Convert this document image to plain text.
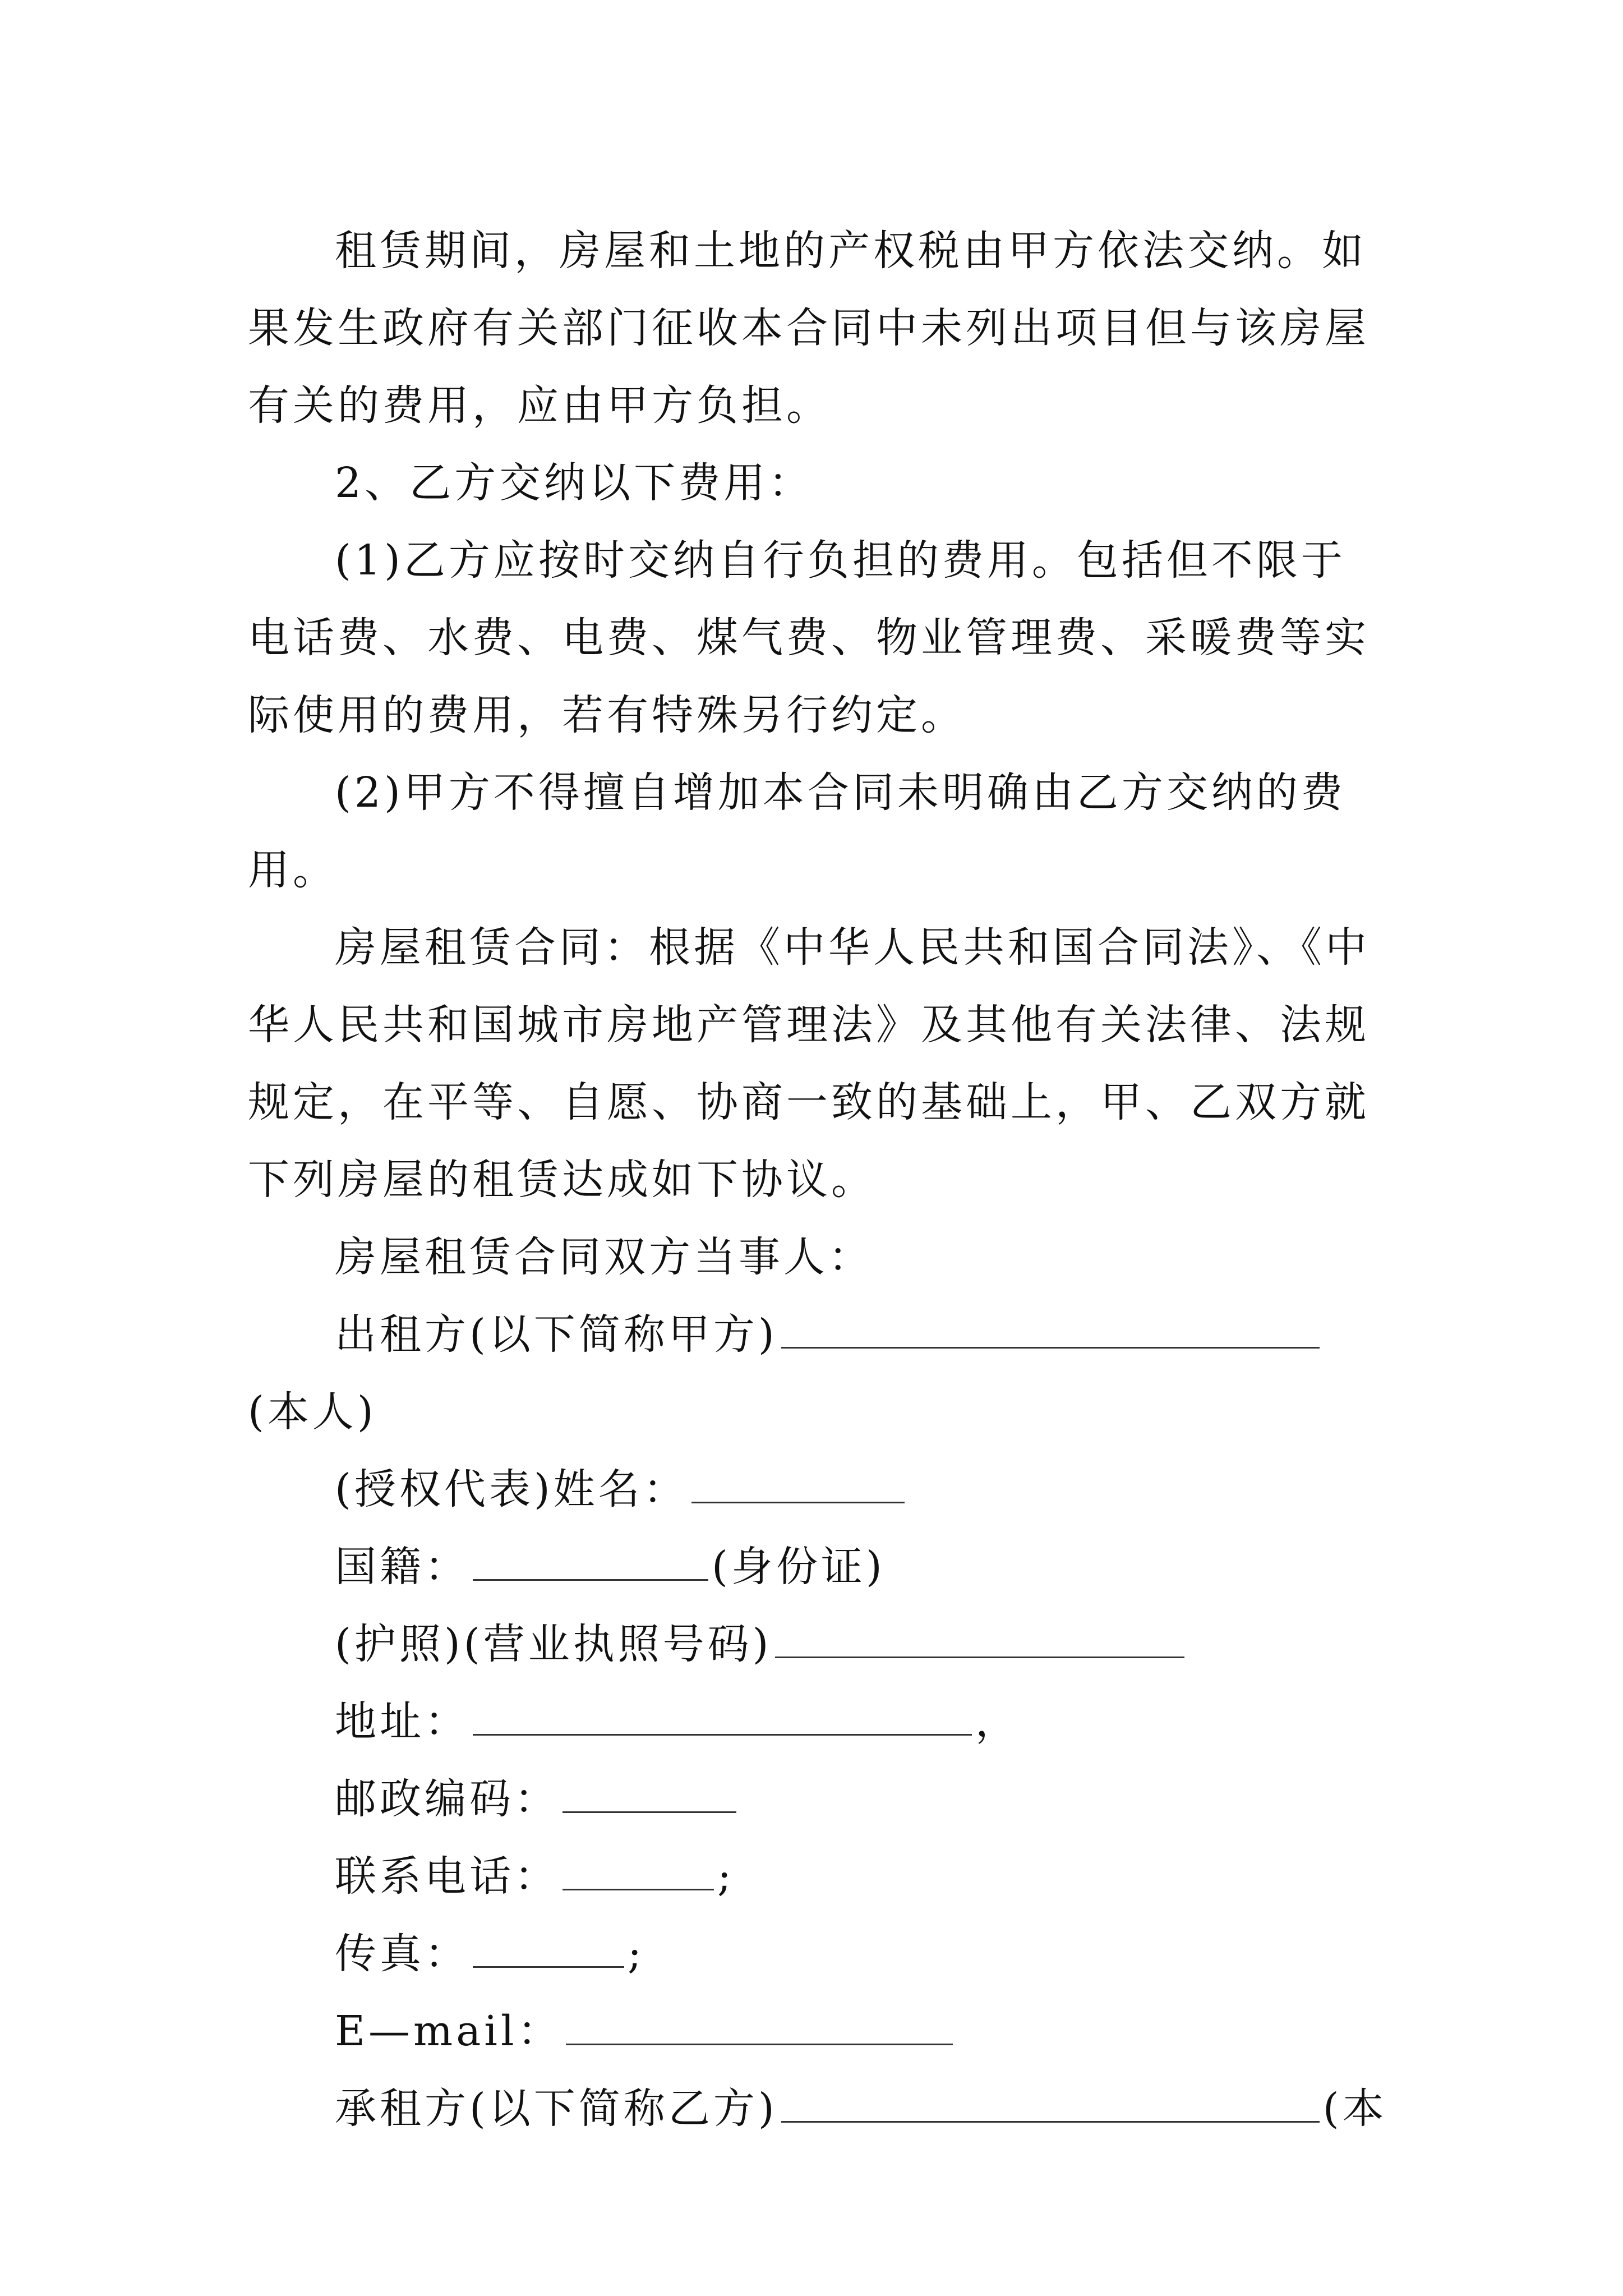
租赁期间，房屋和土地的产权税由甲方依法交纳。如果发生政府有关部门征收本合同中未列出项目但与该房屋有关的费用，应由甲方负担。

2、乙方交纳以下费用：

(1)乙方应按时交纳自行负担的费用。包括但不限于电话费、水费、电费、煤气费、物业管理费、采暖费等实际使用的费用，若有特殊另行约定。

(2)甲方不得擅自增加本合同未明确由乙方交纳的费用。

房屋租赁合同：根据《中华人民共和国合同法》、《中华人民共和国城市房地产管理法》及其他有关法律、法规规定，在平等、自愿、协商一致的基础上，甲、乙双方就下列房屋的租赁达成如下协议。

房屋租赁合同双方当事人：

出租方(以下简称甲方)(本人)

(授权代表)姓名：

国籍：	(身份证)

(护照)(营业执照号码)

地址：	，

邮政编码：

联系电话：	;

传真：	;

E—mail：

承租方(以下简称乙方)	(本
